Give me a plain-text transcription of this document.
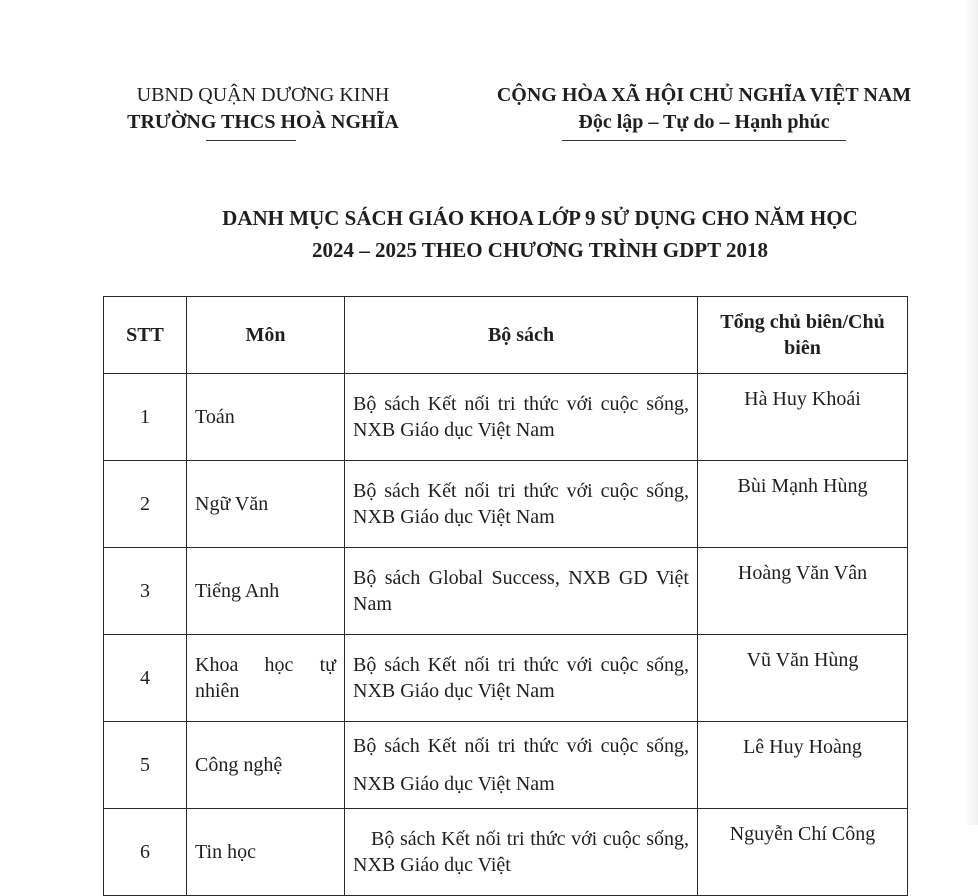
UBND QUẬN DƯƠNG KINH
TRƯỜNG THCS HOÀ NGHĨA
CỘNG HÒA XÃ HỘI CHỦ NGHĨA VIỆT NAM
Độc lập – Tự do – Hạnh phúc
DANH MỤC SÁCH GIÁO KHOA LỚP 9 SỬ DỤNG CHO NĂM HỌC
2024 – 2025 THEO CHƯƠNG TRÌNH GDPT 2018
STT	Môn	Bộ sách	Tổng chủ biên/Chủ biên
1	Toán	Bộ sách Kết nối tri thức với cuộc sống, NXB Giáo dục Việt Nam	Hà Huy Khoái
2	Ngữ Văn	Bộ sách Kết nối tri thức với cuộc sống, NXB Giáo dục Việt Nam	Bùi Mạnh Hùng
3	Tiếng Anh	Bộ sách Global Success, NXB GD Việt Nam	Hoàng Văn Vân
4	Khoa học tự nhiên	Bộ sách Kết nối tri thức với cuộc sống, NXB Giáo dục Việt Nam	Vũ Văn Hùng
5	Công nghệ	Bộ sách Kết nối tri thức với cuộc sống, NXB Giáo dục Việt Nam	Lê Huy Hoàng
6	Tin học	Bộ sách Kết nối tri thức với cuộc sống, NXB Giáo dục Việt	Nguyễn Chí Công
